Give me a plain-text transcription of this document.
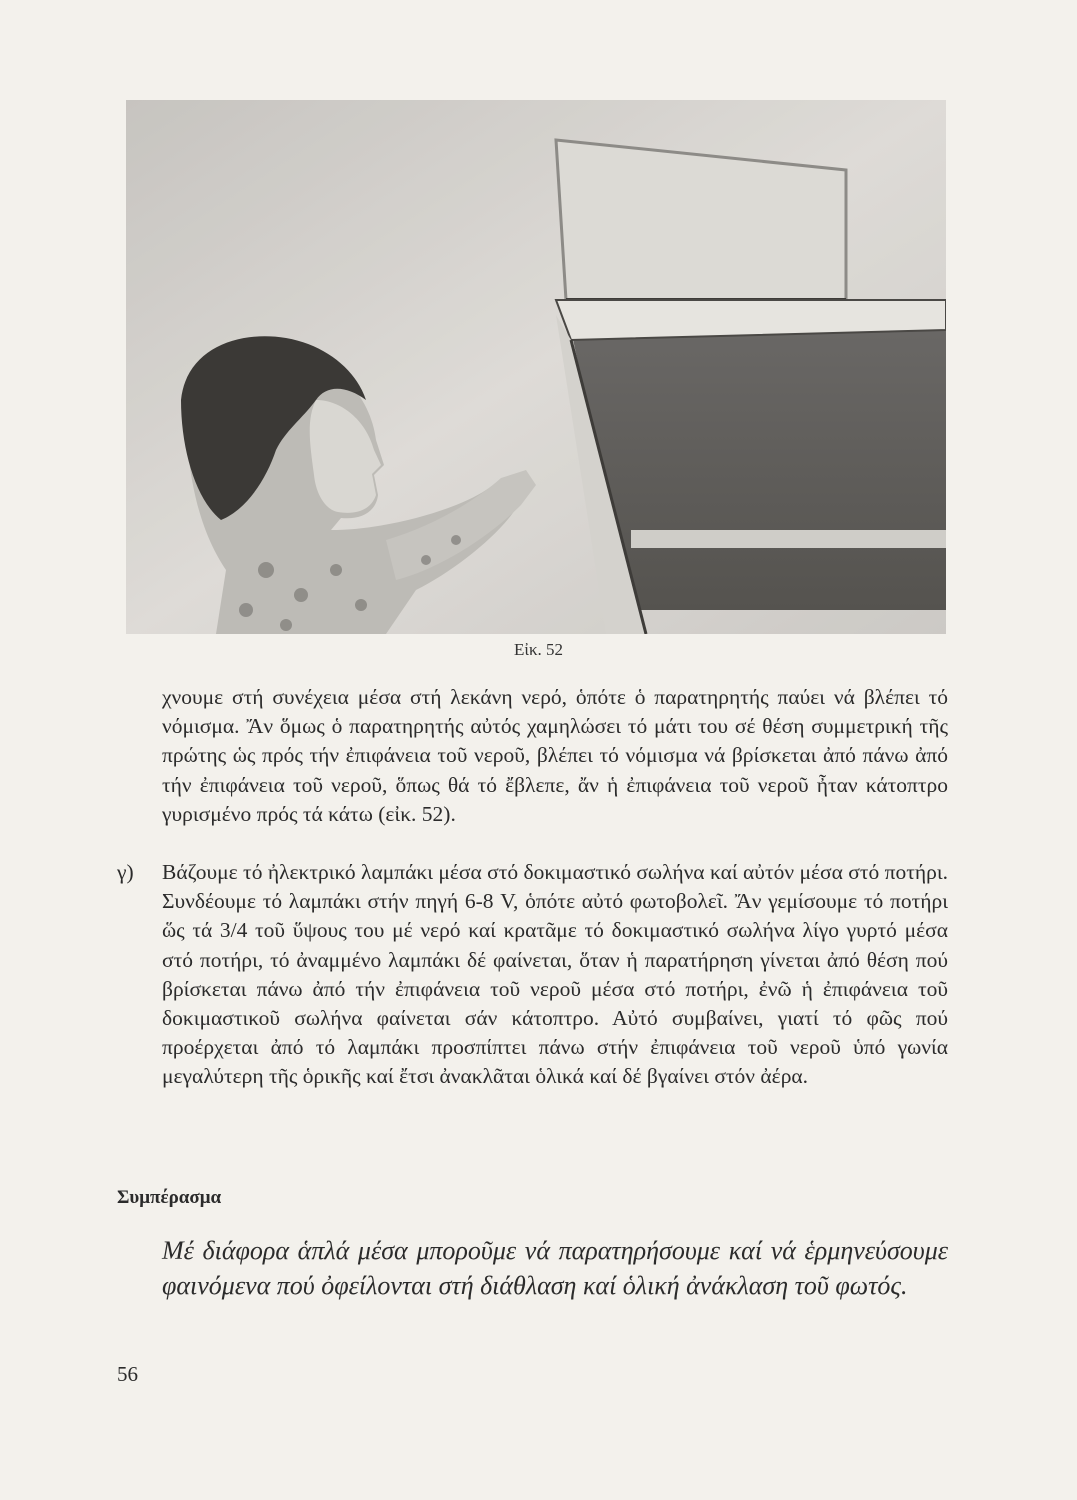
Εἰκ. 52

χνουμε στή συνέχεια μέσα στή λεκάνη νερό, ὁπότε ὁ παρατηρητής παύει νά βλέπει τό νόμισμα. Ἄν ὅμως ὁ παρατηρητής αὐτός χαμηλώσει τό μάτι του σέ θέση συμμετρική τῆς πρώτης ὡς πρός τήν ἐπιφάνεια τοῦ νεροῦ, βλέπει τό νόμισμα νά βρίσκεται ἀπό πάνω ἀπό τήν ἐπιφάνεια τοῦ νεροῦ, ὅπως θά τό ἔβλεπε, ἄν ἡ ἐπιφάνεια τοῦ νεροῦ ἦταν κάτοπτρο γυρισμένο πρός τά κάτω (εἰκ. 52).

γ) Βάζουμε τό ἠλεκτρικό λαμπάκι μέσα στό δοκιμαστικό σωλήνα καί αὐτόν μέσα στό ποτήρι. Συνδέουμε τό λαμπάκι στήν πηγή 6-8 V, ὁπότε αὐτό φωτοβολεῖ. Ἄν γεμίσουμε τό ποτήρι ὥς τά 3/4 τοῦ ὕψους του μέ νερό καί κρατᾶμε τό δοκιμαστικό σωλήνα λίγο γυρτό μέσα στό ποτήρι, τό ἀναμμένο λαμπάκι δέ φαίνεται, ὅταν ἡ παρατήρηση γίνεται ἀπό θέση πού βρίσκεται πάνω ἀπό τήν ἐπιφάνεια τοῦ νεροῦ μέσα στό ποτήρι, ἐνῶ ἡ ἐπιφάνεια τοῦ δοκιμαστικοῦ σωλήνα φαίνεται σάν κάτοπτρο. Αὐτό συμβαίνει, γιατί τό φῶς πού προέρχεται ἀπό τό λαμπάκι προσπίπτει πάνω στήν ἐπιφάνεια τοῦ νεροῦ ὑπό γωνία μεγαλύτερη τῆς ὁρικῆς καί ἔτσι ἀνακλᾶται ὁλικά καί δέ βγαίνει στόν ἀέρα.

Συμπέρασμα
Μέ διάφορα ἁπλά μέσα μποροῦμε νά παρατηρήσουμε καί νά ἑρμηνεύσουμε φαινόμενα πού ὀφείλονται στή διάθλαση καί ὁλική ἀνάκλαση τοῦ φωτός.
56
